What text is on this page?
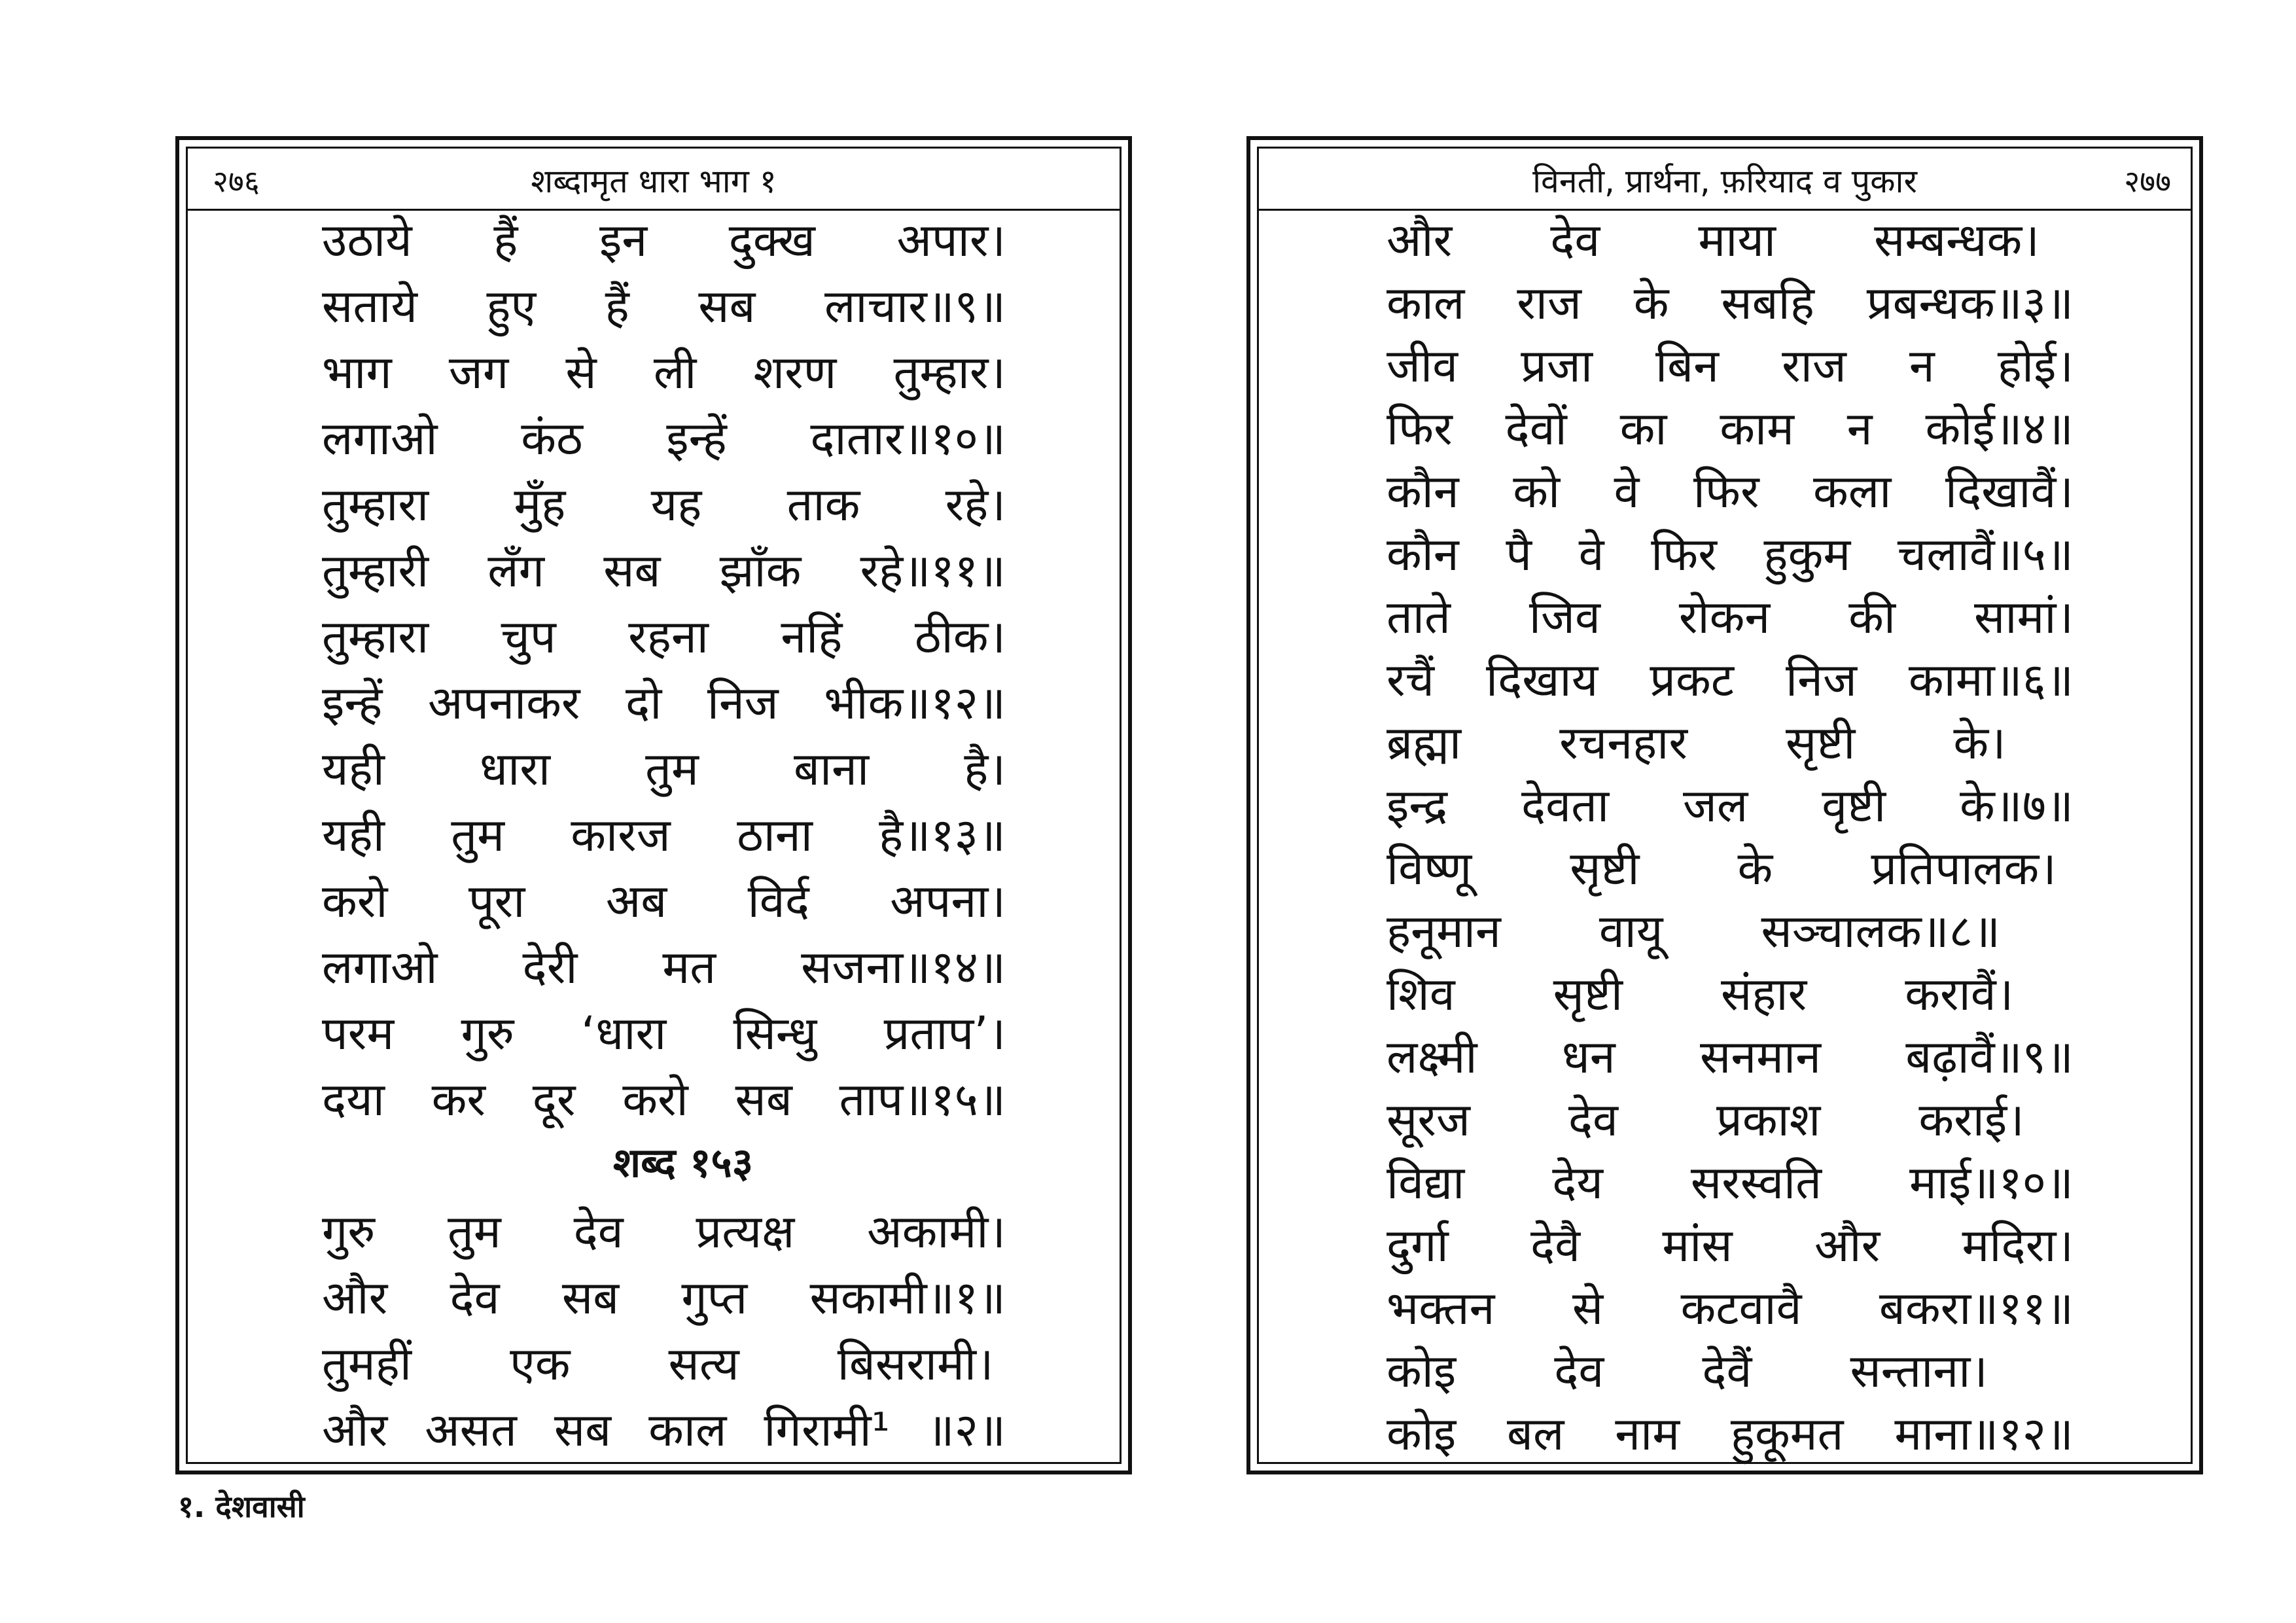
२७६	शब्दामृत धारा भाग १
उठाये हैं इन दुक्ख अपार।
सताये हुए हैं सब लाचार॥९॥
भाग जग से ली शरण तुम्हार।
लगाओ कंठ इन्हें दातार॥१०॥
तुम्हारा मुँह यह ताक रहे।
तुम्हारी लँग सब झाँक रहे॥११॥
तुम्हारा चुप रहना नहिं ठीक।
इन्हें अपनाकर दो निज भीक॥१२॥
यही धारा तुम बाना है।
यही तुम कारज ठाना है॥१३॥
करो पूरा अब विर्द अपना।
लगाओ देरी मत सजना॥१४॥
परम गुरु ‘धारा सिन्धु प्रताप’।
दया कर दूर करो सब ताप॥१५॥
शब्द १५३
गुरु तुम देव प्रत्यक्ष अकामी।
और देव सब गुप्त सकामी॥१॥
तुमहीं एक सत्य बिसरामी।
और असत सब काल गिरामी¹ ॥२॥
विनती, प्रार्थना, फ़रियाद व पुकार	२७७
और देव माया सम्बन्धक।
काल राज के सबहि प्रबन्धक॥३॥
जीव प्रजा बिन राज न होई।
फिर देवों का काम न कोई॥४॥
कौन को वे फिर कला दिखावैं।
कौन पै वे फिर हुकुम चलावैं॥५॥
ताते जिव रोकन की सामां।
रचैं दिखाय प्रकट निज कामा॥६॥
ब्रह्मा रचनहार सृष्टी के।
इन्द्र देवता जल वृष्टी के॥७॥
विष्णू सृष्टी के प्रतिपालक।
हनूमान वायू सञ्चालक॥८॥
शिव सृष्टी संहार करावैं।
लक्ष्मी धन सनमान बढ़ावैं॥९॥
सूरज देव प्रकाश कराई।
विद्या देय सरस्वति माई॥१०॥
दुर्गा देवै मांस और मदिरा।
भक्तन से कटवावै बकरा॥११॥
कोइ देव देवैं सन्ताना।
कोइ बल नाम हुकूमत माना॥१२॥
१. देशवासी
